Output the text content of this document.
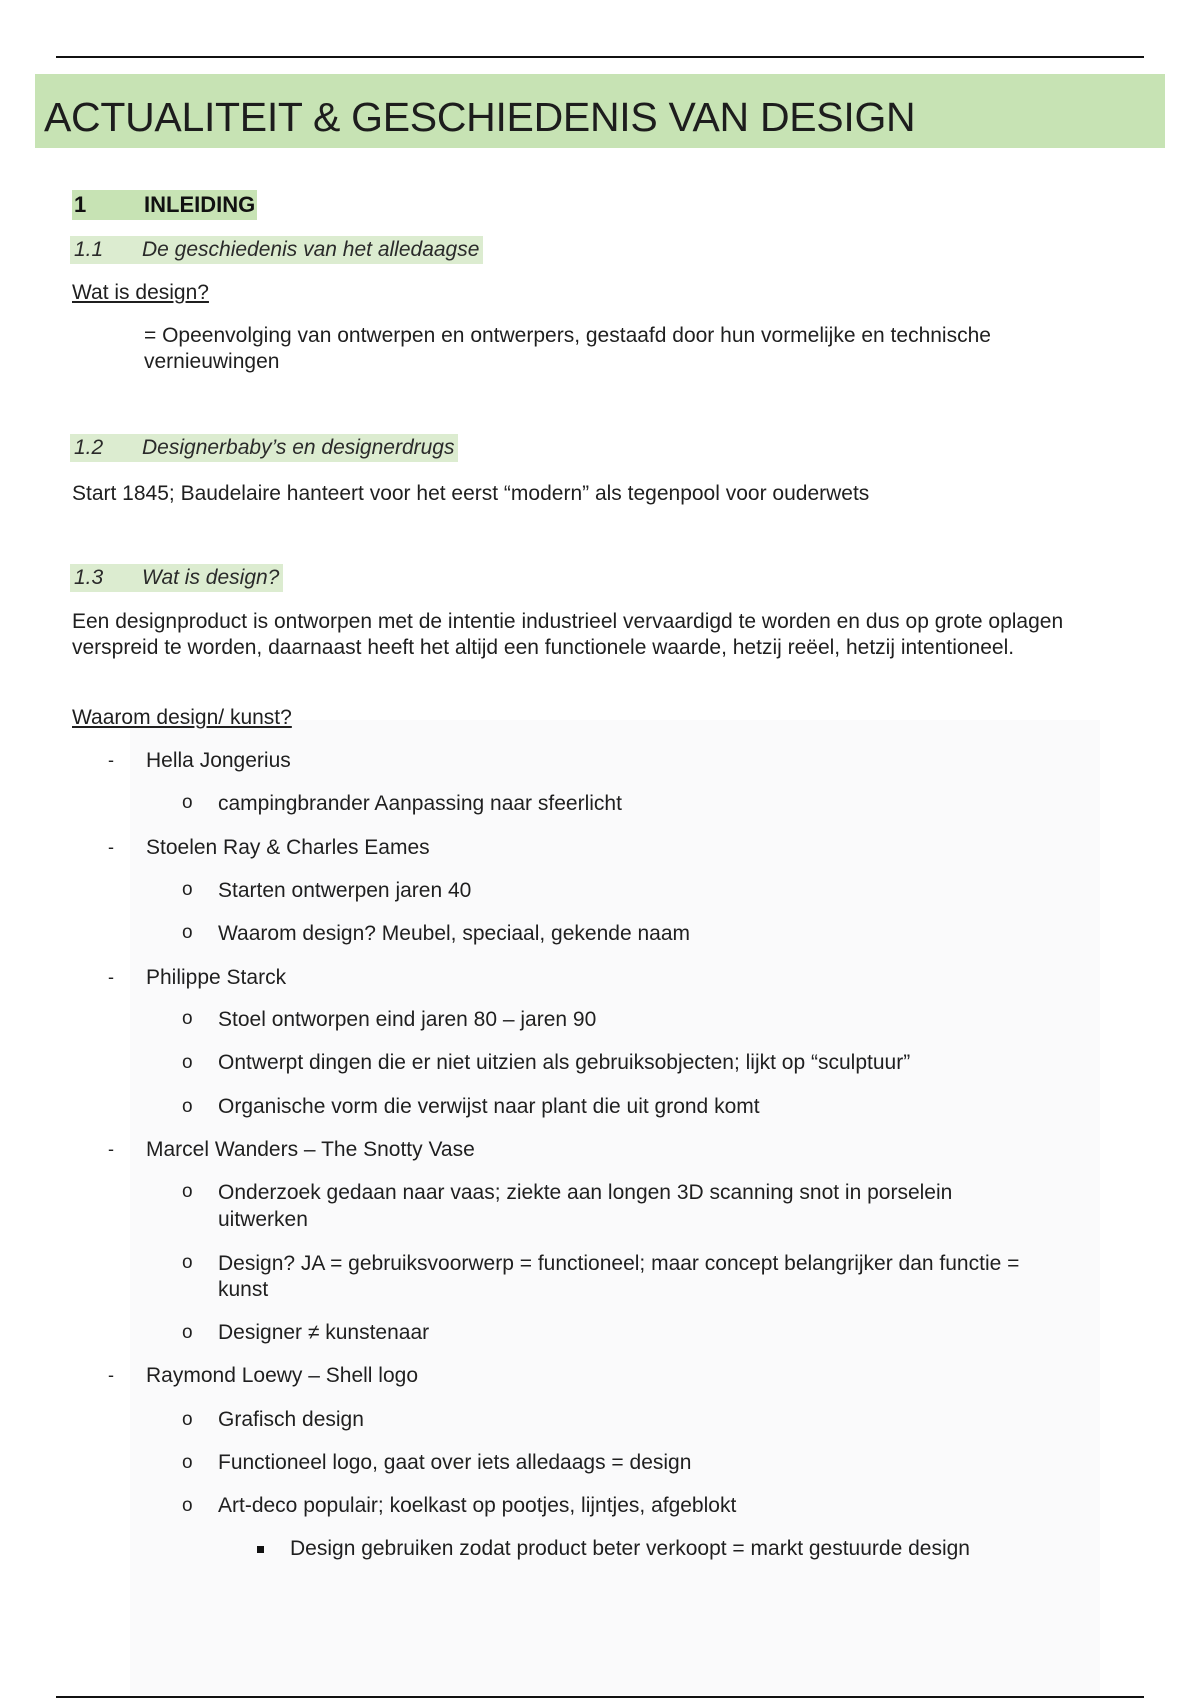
ACTUALITEIT & GESCHIEDENIS VAN DESIGN
1	INLEIDING
1.1 De geschiedenis van het alledaagse
Wat is design?
= Opeenvolging van ontwerpen en ontwerpers, gestaafd door hun vormelijke en technische
vernieuwingen
1.2 Designerbaby’s en designerdrugs
Start 1845; Baudelaire hanteert voor het eerst “modern” als tegenpool voor ouderwets
1.3 Wat is design?
Een designproduct is ontworpen met de intentie industrieel vervaardigd te worden en dus op grote oplagen verspreid te worden, daarnaast heeft het altijd een functionele waarde, hetzij reëel, hetzij intentioneel.
Waarom design/ kunst?
- Hella Jongerius
o campingbrander Aanpassing naar sfeerlicht
- Stoelen Ray & Charles Eames
o Starten ontwerpen jaren 40
o Waarom design? Meubel, speciaal, gekende naam
- Philippe Starck
o Stoel ontworpen eind jaren 80 – jaren 90
o Ontwerpt dingen die er niet uitzien als gebruiksobjecten; lijkt op “sculptuur”
o Organische vorm die verwijst naar plant die uit grond komt
- Marcel Wanders – The Snotty Vase
o Onderzoek gedaan naar vaas; ziekte aan longen 3D scanning snot in porselein
uitwerken
o Design? JA = gebruiksvoorwerp = functioneel; maar concept belangrijker dan functie =
kunst
o Designer ≠ kunstenaar
- Raymond Loewy – Shell logo
o Grafisch design
o Functioneel logo, gaat over iets alledaags = design
o Art-deco populair; koelkast op pootjes, lijntjes, afgeblokt
Design gebruiken zodat product beter verkoopt = markt gestuurde design
